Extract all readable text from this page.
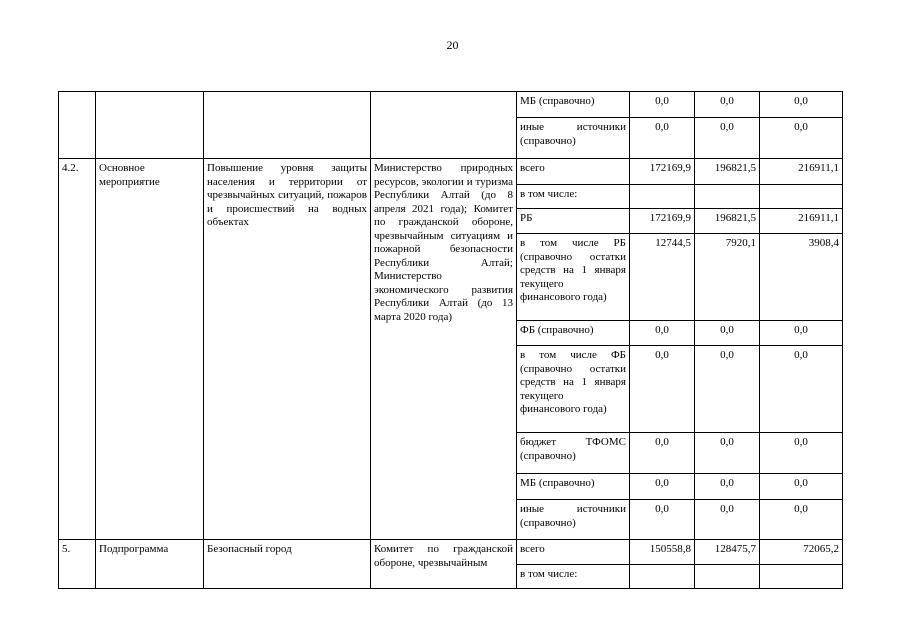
20
				МБ (справочно)	0,0	0,0	0,0
				иные источники (справочно)	0,0	0,0	0,0
4.2.	Основное мероприятие	Повышение уровня защиты населения и территории от чрезвычайных ситуаций, пожаров и происшествий на водных объектах	Министерство природных ресурсов, экологии и туризма Республики Алтай (до 8 апреля 2021 года); Комитет по гражданской обороне, чрезвычайным ситуациям и пожарной безопасности Республики Алтай; Министерство экономического развития Республики Алтай (до 13 марта 2020 года)	всего	172169,9	196821,5	216911,1
				в том числе:			
				РБ	172169,9	196821,5	216911,1
				в том числе РБ (справочно остатки средств на 1 января текущего финансового года)	12744,5	7920,1	3908,4
				ФБ (справочно)	0,0	0,0	0,0
				в том числе ФБ (справочно остатки средств на 1 января текущего финансового года)	0,0	0,0	0,0
				бюджет ТФОМС (справочно)	0,0	0,0	0,0
				МБ (справочно)	0,0	0,0	0,0
				иные источники (справочно)	0,0	0,0	0,0
5.	Подпрограмма	Безопасный город	Комитет по гражданской обороне, чрезвычайным	всего	150558,8	128475,7	72065,2
				в том числе:			
